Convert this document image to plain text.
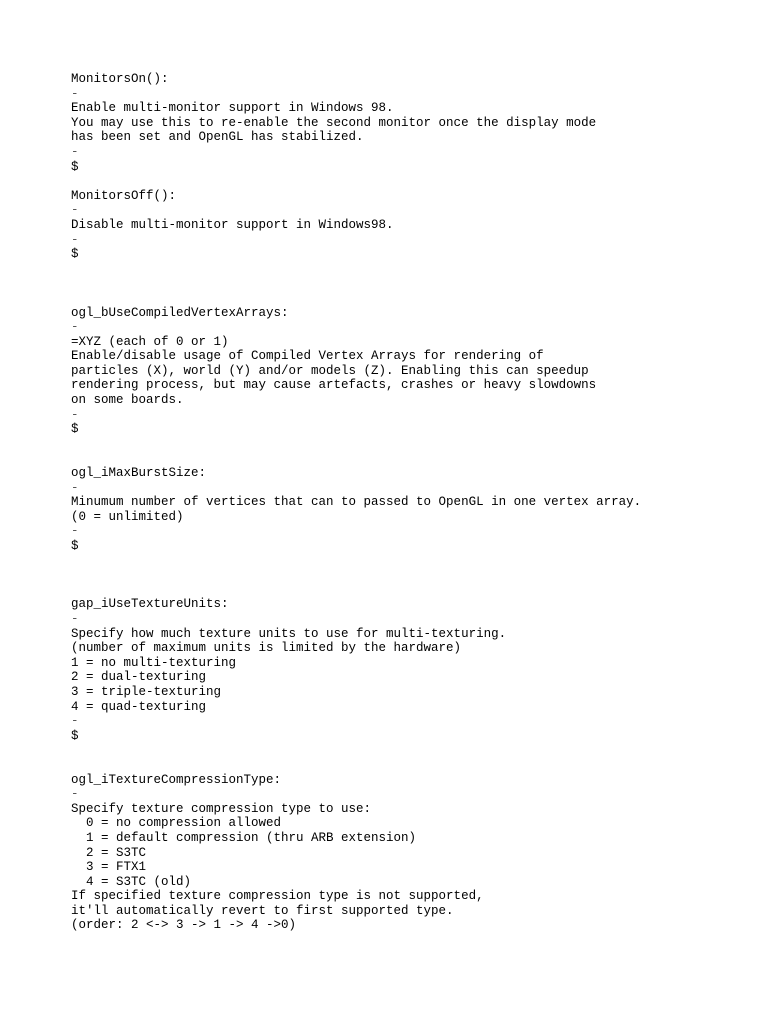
MonitorsOn():
-
Enable multi-monitor support in Windows 98.
You may use this to re-enable the second monitor once the display mode
has been set and OpenGL has stabilized.
-
$
MonitorsOff():
-
Disable multi-monitor support in Windows98.
-
$
ogl_bUseCompiledVertexArrays:
-
=XYZ (each of 0 or 1)
Enable/disable usage of Compiled Vertex Arrays for rendering of
particles (X), world (Y) and/or models (Z). Enabling this can speedup
rendering process, but may cause artefacts, crashes or heavy slowdowns
on some boards.
-
$
ogl_iMaxBurstSize:
-
Minumum number of vertices that can to passed to OpenGL in one vertex array.
(0 = unlimited)
-
$
gap_iUseTextureUnits:
-
Specify how much texture units to use for multi-texturing.
(number of maximum units is limited by the hardware)
1 = no multi-texturing
2 = dual-texturing
3 = triple-texturing
4 = quad-texturing
-
$
ogl_iTextureCompressionType:
-
Specify texture compression type to use:
0 = no compression allowed
1 = default compression (thru ARB extension)
2 = S3TC
3 = FTX1
4 = S3TC (old)
If specified texture compression type is not supported,
it'll automatically revert to first supported type.
(order: 2 <-> 3 -> 1 -> 4 ->0)
